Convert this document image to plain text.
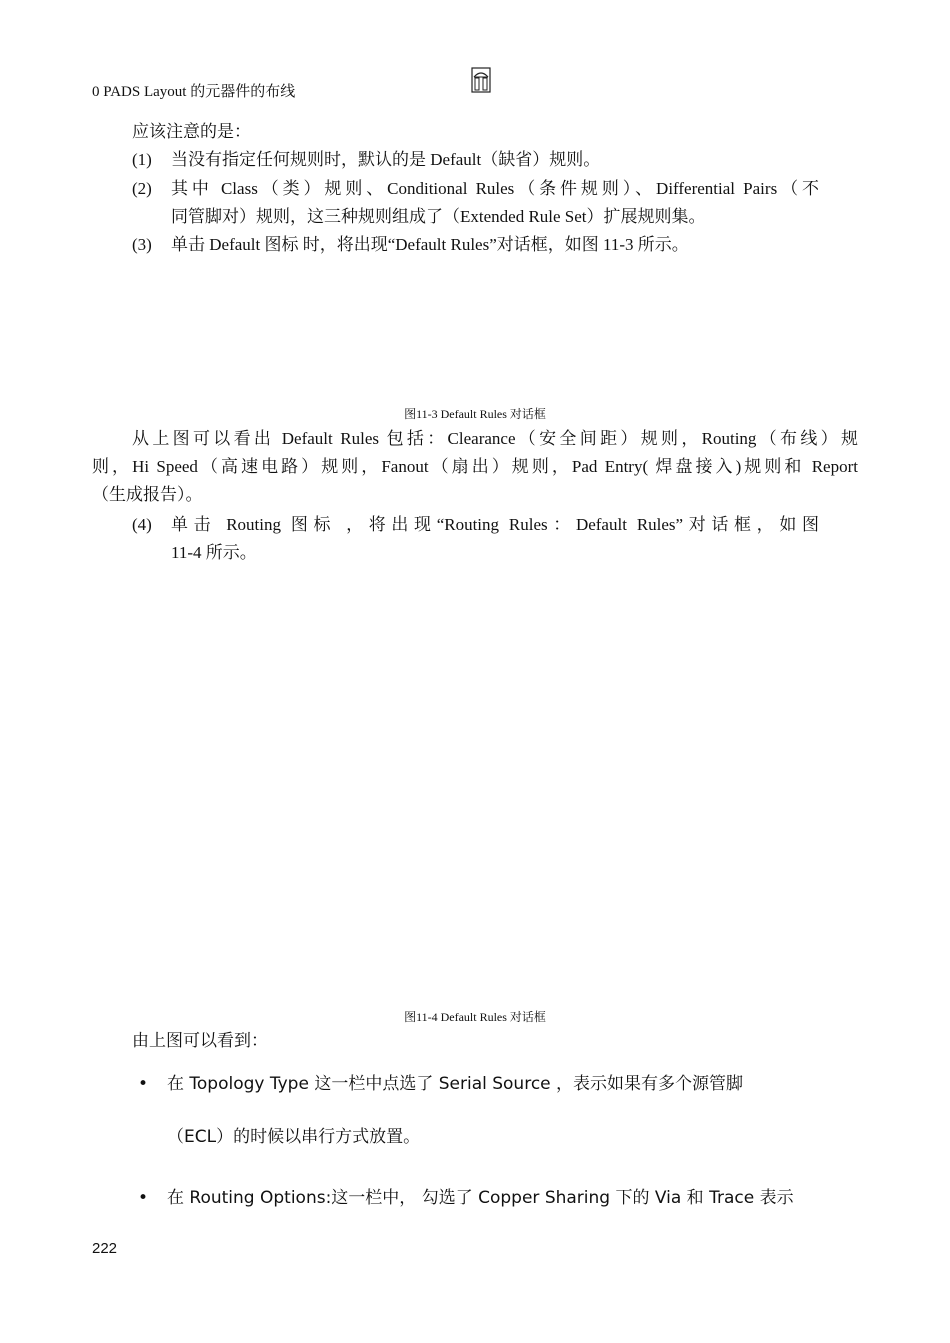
0 PADS Layout 的元器件的布线
应该注意的是：
(1) 当没有指定任何规则时，默认的是 Default（缺省）规则。
(2) 其中 Class（类）规则、Conditional Rules（条件规则）、Differential Pairs（不
同管脚对）规则，这三种规则组成了（Extended Rule Set）扩展规则集。
(3) 单击 Default 图标 时，将出现“Default Rules”对话框，如图 11-3 所示。
图11-3 Default Rules 对话框
从上图可以看出 Default Rules 包括：Clearance（安全间距）规则，Routing（布线）规
则，Hi Speed（高速电路）规则，Fanout（扇出）规则，Pad Entry( 焊盘接入)规则和 Report
（生成报告）。
(4) 单击 Routing 图标 ，将出现“Routing Rules：Default Rules”对话框，如图
11-4 所示。
图11-4 Default Rules 对话框
由上图可以看到：
• 在 Topology Type 这一栏中点选了 Serial Source ，表示如果有多个源管脚
（ECL）的时候以串行方式放置。
• 在 Routing Options:这一栏中， 勾选了 Copper Sharing 下的 Via 和 Trace 表示
222
